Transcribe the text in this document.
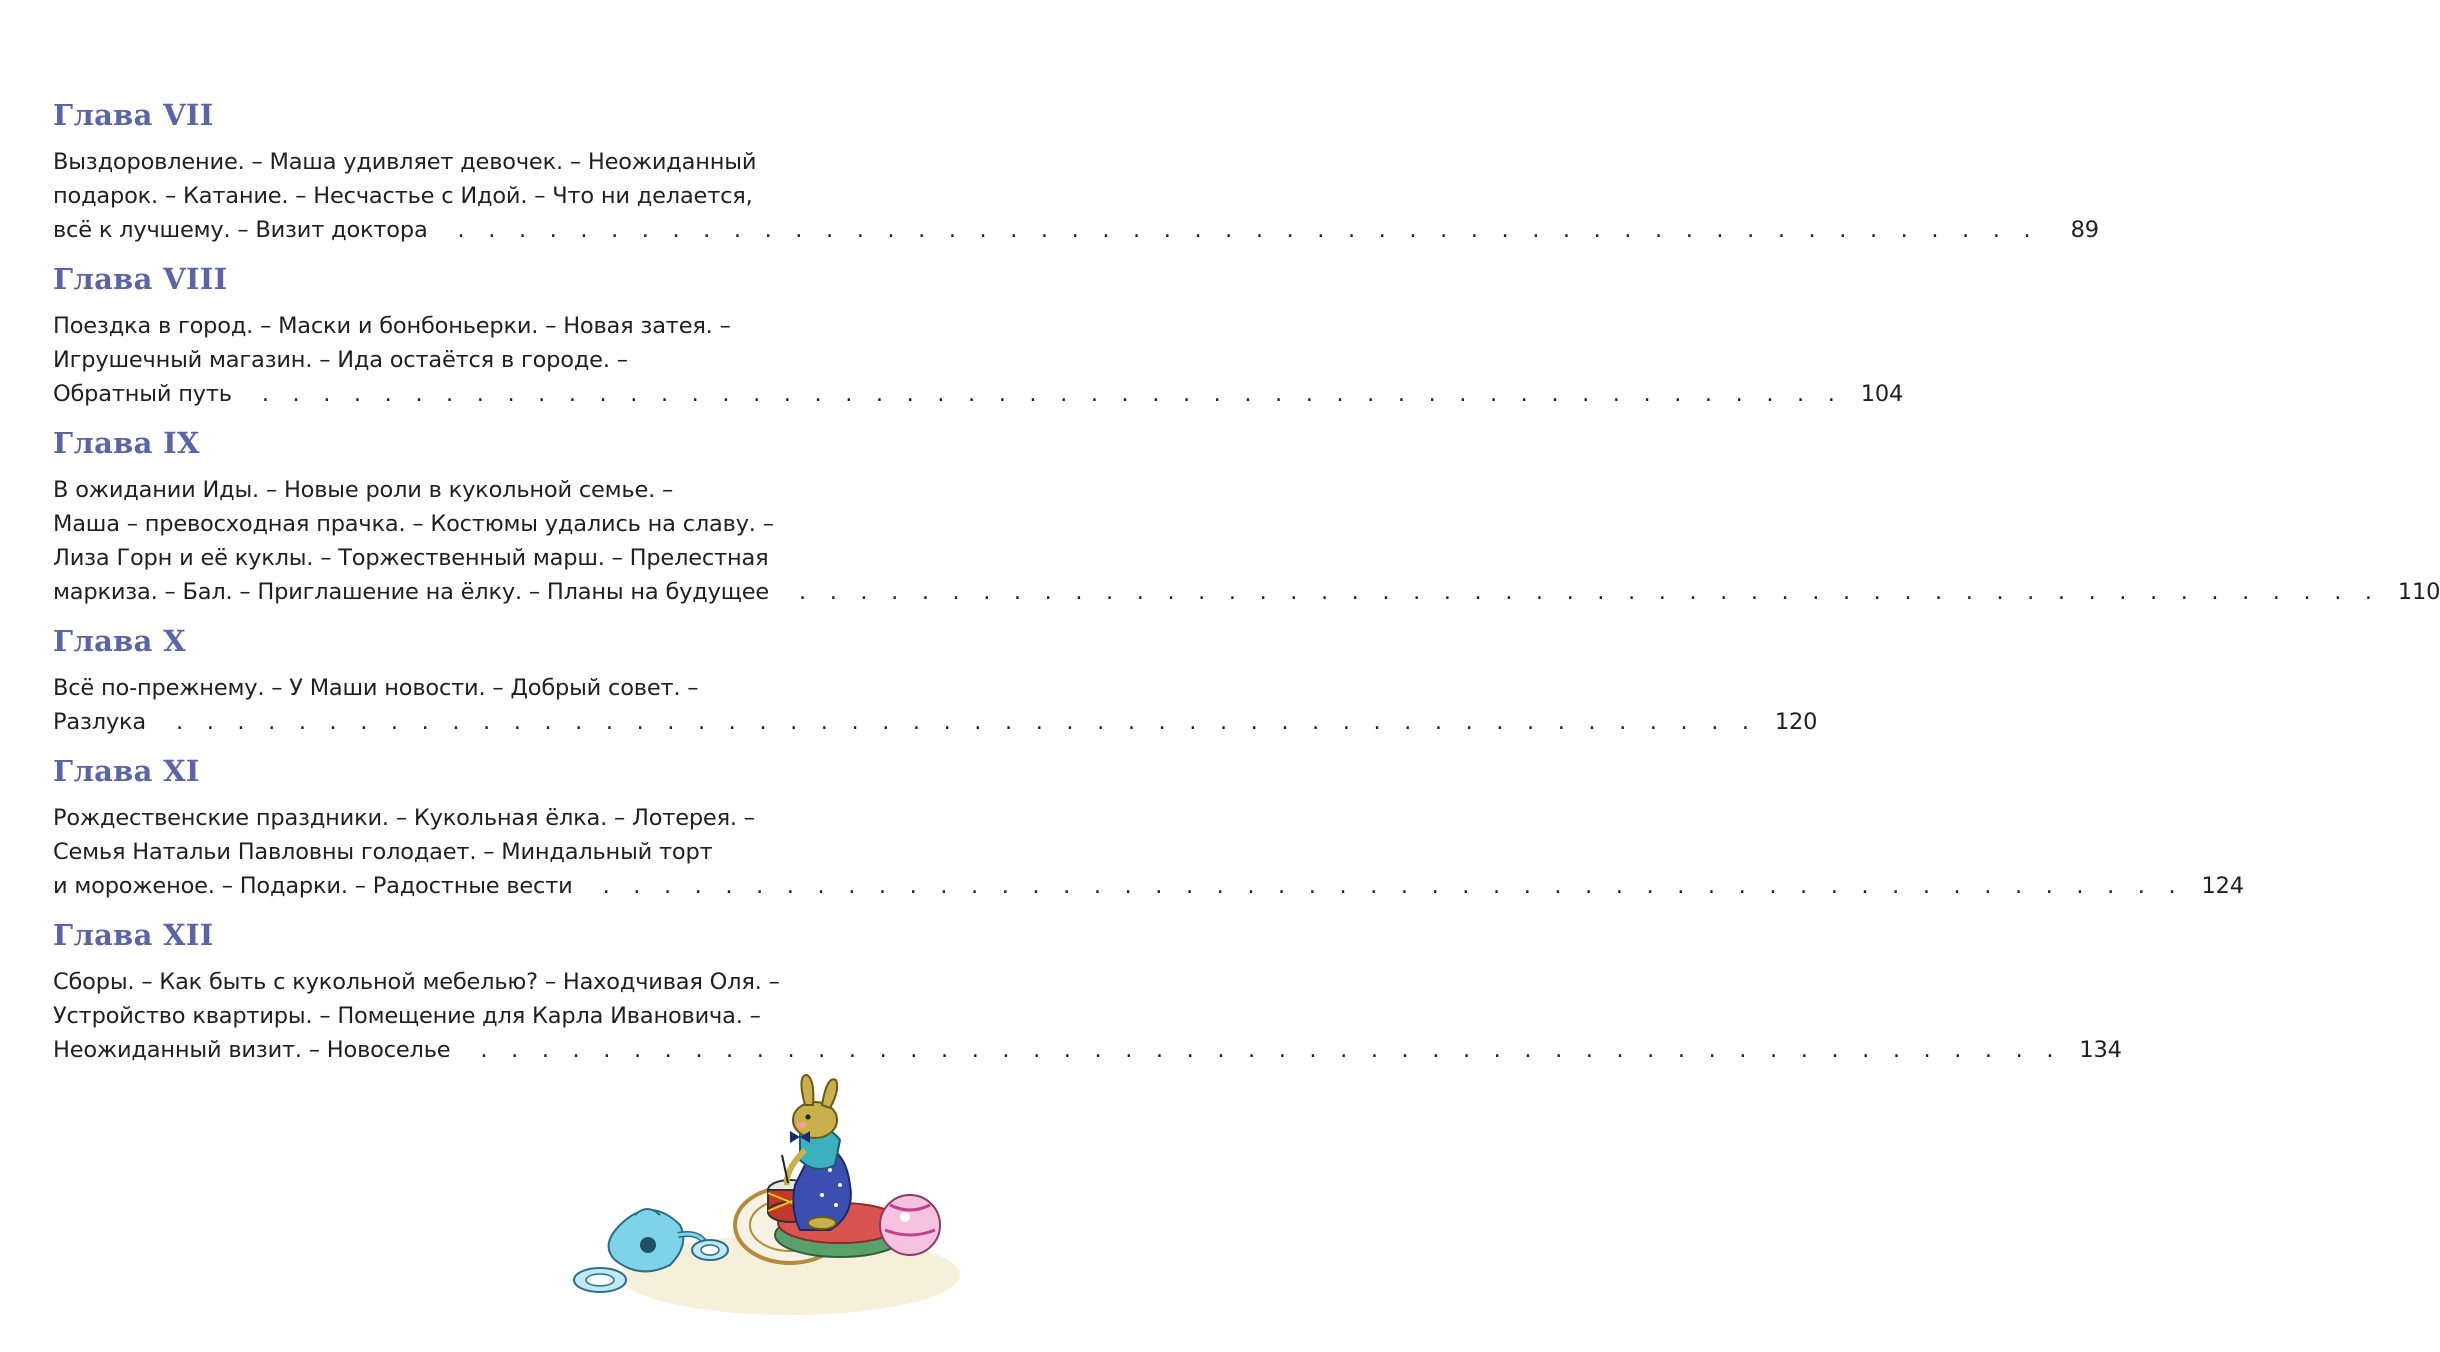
Глава VII
Выздоровление. – Маша удивляет девочек. – Неожиданный
подарок. – Катание. – Несчастье с Идой. – Что ни делается,
всё к лучшему. – Визит доктора . . . . . . . . . . . . . . . . . . . . . . . . . . . . . . . . . . . . . . . . . . . . . . . . . . . .	89
Глава VIII
Поездка в город. – Маски и бонбоньерки. – Новая затея. –
Игрушечный магазин. – Ида остаётся в городе. –
Обратный путь . . . . . . . . . . . . . . . . . . . . . . . . . . . . . . . . . . . . . . . . . . . . . . . . . . . . 104
Глава IX
В ожидании Иды. – Новые роли в кукольной семье. –
Маша – превосходная прачка. – Костюмы удались на славу. –
Лиза Горн и её куклы. – Торжественный марш. – Прелестная
маркиза. – Бал. – Приглашение на ёлку. – Планы на будущее . . . . . . . . . . . . . . . . . . . . . . . . . . . . . . . . . . . . . . . . . . . . . . . . . . . . 110
Глава X
Всё по-прежнему. – У Маши новости. – Добрый совет. –
Разлука . . . . . . . . . . . . . . . . . . . . . . . . . . . . . . . . . . . . . . . . . . . . . . . . . . . . 120
Глава XI
Рождественские праздники. – Кукольная ёлка. – Лотерея. –
Семья Натальи Павловны голодает. – Миндальный торт
и мороженое. – Подарки. – Радостные вести . . . . . . . . . . . . . . . . . . . . . . . . . . . . . . . . . . . . . . . . . . . . . . . . . . . . 124
Глава XII
Сборы. – Как быть с кукольной мебелью? – Находчивая Оля. –
Устройство квартиры. – Помещение для Карла Ивановича. –
Неожиданный визит. – Новоселье . . . . . . . . . . . . . . . . . . . . . . . . . . . . . . . . . . . . . . . . . . . . . . . . . . . . 134
